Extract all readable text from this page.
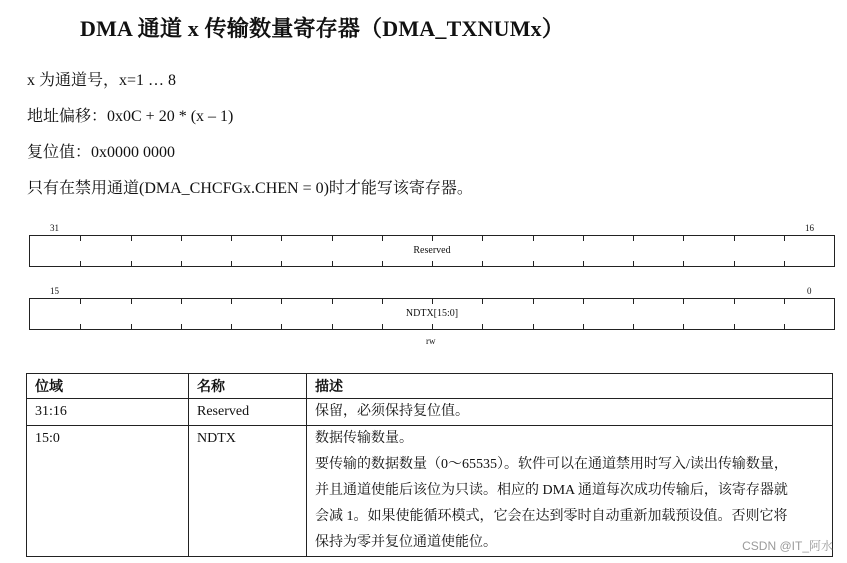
DMA 通道 x 传输数量寄存器（DMA_TXNUMx）
x 为通道号，x=1 … 8
地址偏移：0x0C + 20 * (x – 1)
复位值：0x0000 0000
只有在禁用通道(DMA_CHCFGx.CHEN = 0)时才能写该寄存器。
31	16
Reserved
15	0
NDTX[15:0]
rw
位域	名称	描述
31:16	Reserved	保留，必须保持复位值。

15:0	NDTX	数据传输数量。
要传输的数据数量（0～65535）。软件可以在通道禁用时写入/读出传输数量，
并且通道使能后该位为只读。相应的 DMA 通道每次成功传输后，该寄存器就
会减 1。如果使能循环模式，它会在达到零时自动重新加载预设值。否则它将
保持为零并复位通道使能位。	CSDN @IT_阿水
